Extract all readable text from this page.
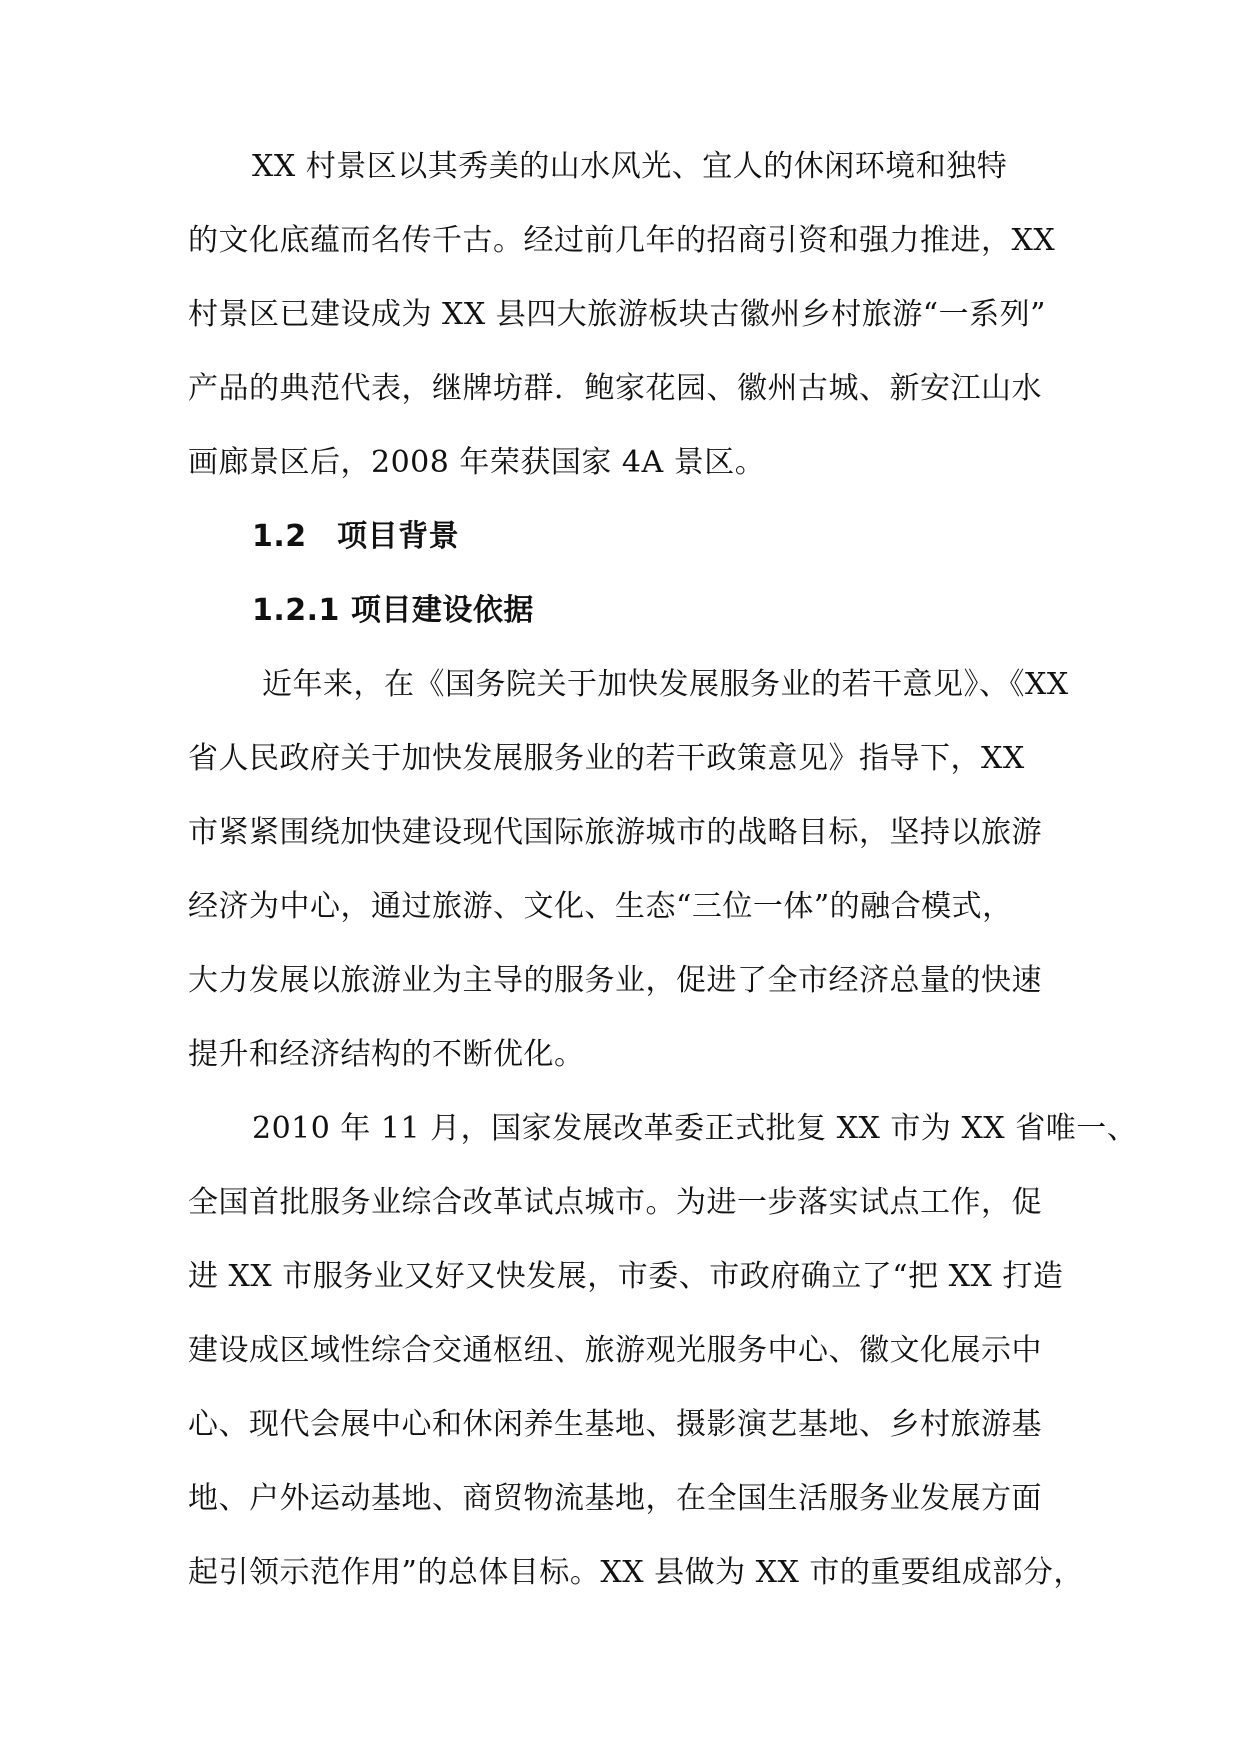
XX 村景区以其秀美的山水风光、宜人的休闲环境和独特
的文化底蕴而名传千古。经过前几年的招商引资和强力推进，XX
村景区已建设成为 XX 县四大旅游板块古徽州乡村旅游“一系列”
产品的典范代表，继牌坊群．鲍家花园、徽州古城、新安江山水
画廊景区后，2008 年荣获国家 4A 景区。
1.2　项目背景
1.2.1 项目建设依据
近年来，在《国务院关于加快发展服务业的若干意见》、《XX
省人民政府关于加快发展服务业的若干政策意见》指导下，XX
市紧紧围绕加快建设现代国际旅游城市的战略目标，坚持以旅游
经济为中心，通过旅游、文化、生态“三位一体”的融合模式，
大力发展以旅游业为主导的服务业，促进了全市经济总量的快速
提升和经济结构的不断优化。
2010 年 11 月，国家发展改革委正式批复 XX 市为 XX 省唯一、
全国首批服务业综合改革试点城市。为进一步落实试点工作，促
进 XX 市服务业又好又快发展，市委、市政府确立了“把 XX 打造
建设成区域性综合交通枢纽、旅游观光服务中心、徽文化展示中
心、现代会展中心和休闲养生基地、摄影演艺基地、乡村旅游基
地、户外运动基地、商贸物流基地，在全国生活服务业发展方面
起引领示范作用”的总体目标。XX 县做为 XX 市的重要组成部分，
